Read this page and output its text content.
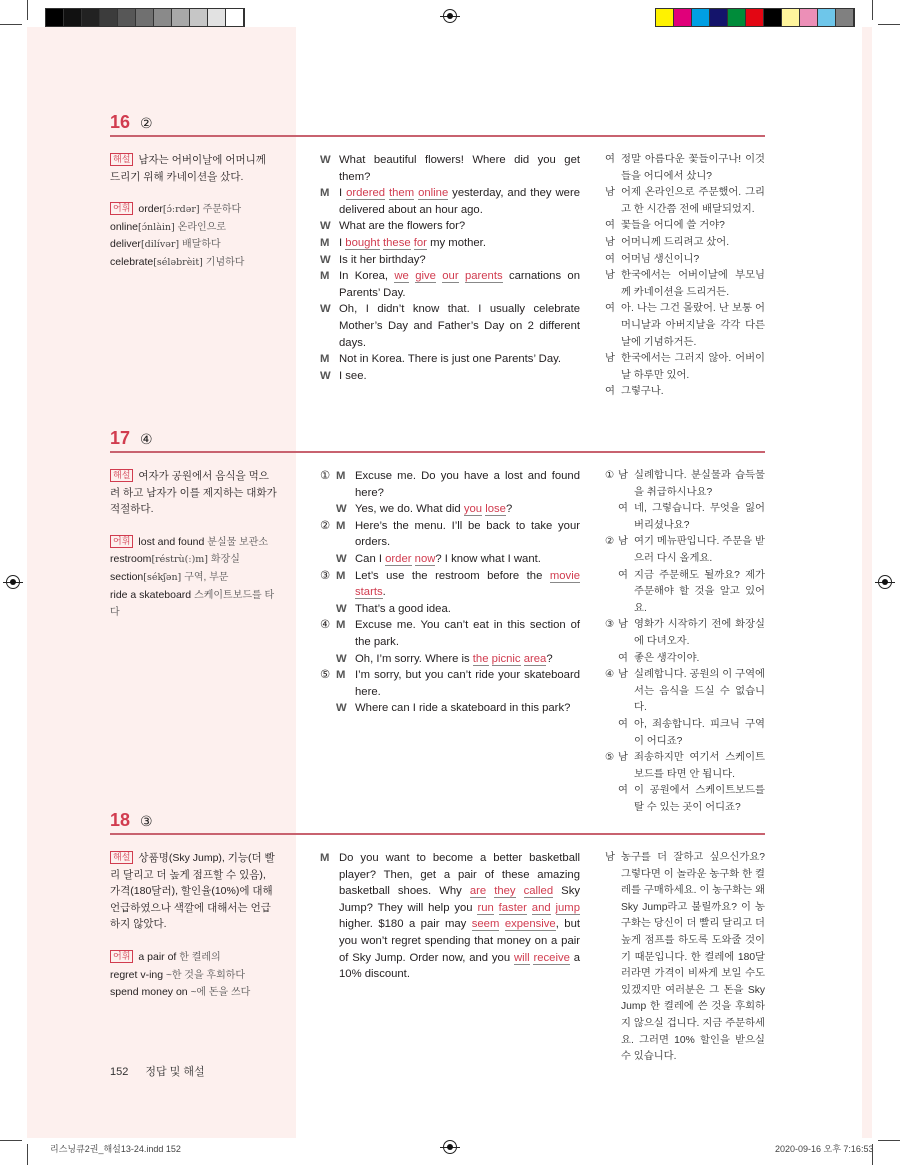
16 ②
해설 남자는 어버이날에 어머니께 드리기 위해 카네이션을 샀다.
어휘 order[ɔ́ːrdər] 주문하다
online[ɔ́nlàin] 온라인으로
deliver[dilívər] 배달하다
celebrate[séləbrèit] 기념하다
W What beautiful flowers! Where did you get them?
M I ordered them online yesterday, and they were delivered about an hour ago.
W What are the flowers for?
M I bought these for my mother.
W Is it her birthday?
M In Korea, we give our parents carnations on Parents’ Day.
W Oh, I didn’t know that. I usually celebrate Mother’s Day and Father’s Day on 2 different days.
M Not in Korea. There is just one Parents’ Day.
W I see.
여 정말 아름다운 꽃들이구나! 이것들을 어디에서 샀니?
남 어제 온라인으로 주문했어. 그리고 한 시간쯤 전에 배달되었지.
여 꽃들을 어디에 쓸 거야?
남 어머니께 드리려고 샀어.
여 어머님 생신이니?
남 한국에서는 어버이날에 부모님께 카네이션을 드리거든.
여 아. 나는 그건 몰랐어. 난 보통 어머니날과 아버지날을 각각 다른 날에 기념하거든.
남 한국에서는 그러지 않아. 어버이날 하루만 있어.
여 그렇구나.
17 ④
해설 여자가 공원에서 음식을 먹으려 하고 남자가 이를 제지하는 대화가 적절하다.
어휘 lost and found 분실물 보관소
restroom[réstrù(ː)m] 화장실
section[sékʃən] 구역, 부문
ride a skateboard 스케이트보드를 타다
① M Excuse me. Do you have a lost and found here?
W Yes, we do. What did you lose?
② M Here’s the menu. I’ll be back to take your orders.
W Can I order now? I know what I want.
③ M Let’s use the restroom before the movie starts.
W That’s a good idea.
④ M Excuse me. You can’t eat in this section of the park.
W Oh, I’m sorry. Where is the picnic area?
⑤ M I’m sorry, but you can’t ride your skateboard here.
W Where can I ride a skateboard in this park?
① 남 실례합니다. 분실물과 습득물을 취급하시나요?
여 네, 그렇습니다. 무엇을 잃어버리셨나요?
② 남 여기 메뉴판입니다. 주문을 받으러 다시 올게요.
여 지금 주문해도 될까요? 제가 주문해야 할 것을 알고 있어요.
③ 남 영화가 시작하기 전에 화장실에 다녀오자.
여 좋은 생각이야.
④ 남 실례합니다. 공원의 이 구역에서는 음식을 드실 수 없습니다.
여 아, 죄송합니다. 피크닉 구역이 어디죠?
⑤ 남 죄송하지만 여기서 스케이트보드를 타면 안 됩니다.
여 이 공원에서 스케이트보드를 탈 수 있는 곳이 어디죠?
18 ③
해설 상품명(Sky Jump), 기능(더 빨리 달리고 더 높게 점프할 수 있음), 가격(180달러), 할인율(10%)에 대해 언급하였으나 색깔에 대해서는 언급하지 않았다.
어휘 a pair of 한 켤레의
regret v-ing ~한 것을 후회하다
spend money on ~에 돈을 쓰다
M Do you want to become a better basketball player? Then, get a pair of these amazing basketball shoes. Why are they called Sky Jump? They will help you run faster and jump higher. $180 a pair may seem expensive, but you won’t regret spending that money on a pair of Sky Jump. Order now, and you will receive a 10% discount.
남 농구를 더 잘하고 싶으신가요? 그렇다면 이 놀라운 농구화 한 켤레를 구매하세요. 이 농구화는 왜 Sky Jump라고 불릴까요? 이 농구화는 당신이 더 빨리 달리고 더 높게 점프를 하도록 도와줄 것이기 때문입니다. 한 켤레에 180달러라면 가격이 비싸게 보일 수도 있겠지만 여러분은 그 돈을 Sky Jump 한 켤레에 쓴 것을 후회하지 않으실 겁니다. 지금 주문하세요. 그러면 10% 할인을 받으실 수 있습니다.
152 정답 및 해설
리스닝큐2권_해설13-24.indd 152	2020-09-16 오후 7:16:53
